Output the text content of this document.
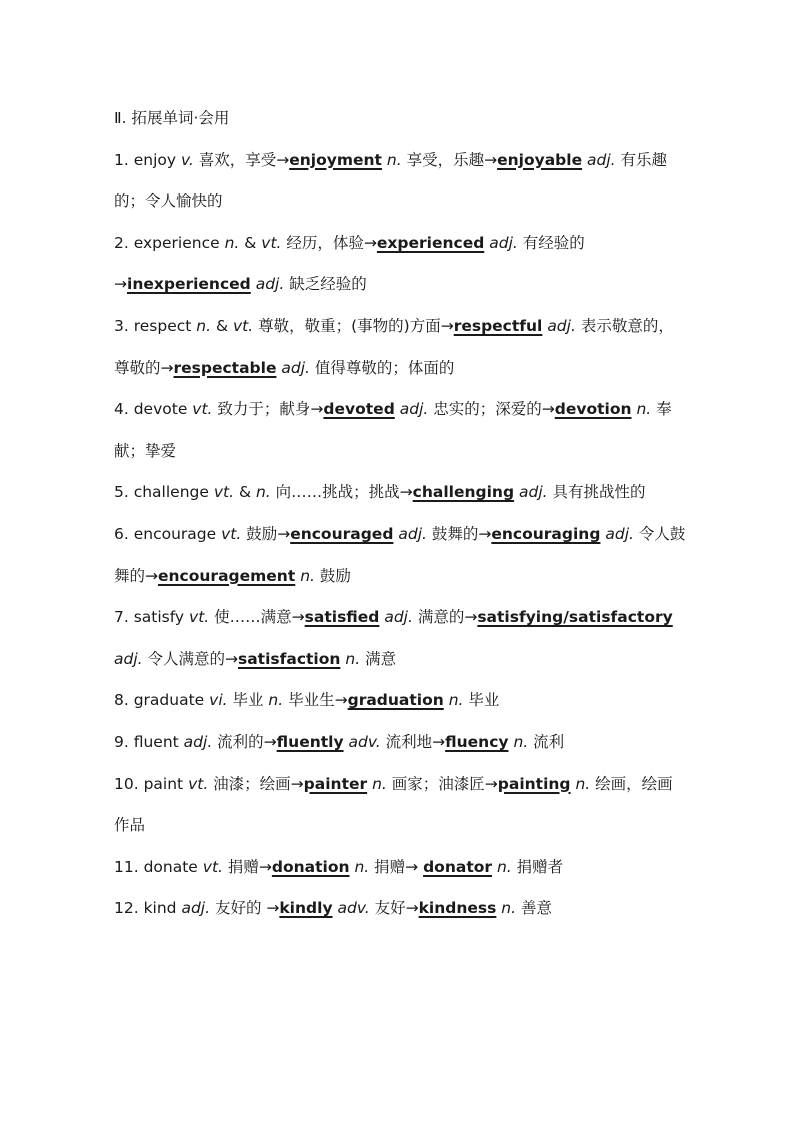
Ⅱ. 拓展单词·会用
1. enjoy v. 喜欢，享受→enjoyment n. 享受，乐趣→enjoyable adj. 有乐趣的；令人愉快的
2. experience n. & vt. 经历，体验→experienced adj. 有经验的 →inexperienced adj. 缺乏经验的
3. respect n. & vt. 尊敬，敬重；(事物的)方面→respectful adj. 表示敬意的，尊敬的→respectable adj. 值得尊敬的；体面的
4. devote vt. 致力于；献身→devoted adj. 忠实的；深爱的→devotion n. 奉献；挚爱
5. challenge vt. & n. 向……挑战；挑战→challenging adj. 具有挑战性的
6. encourage vt. 鼓励→encouraged adj. 鼓舞的→encouraging adj. 令人鼓舞的→encouragement n. 鼓励
7. satisfy vt. 使……满意→satisfied adj. 满意的→satisfying/satisfactory adj. 令人满意的→satisfaction n. 满意
8. graduate vi. 毕业 n. 毕业生→graduation n. 毕业
9. fluent adj. 流利的→fluently adv. 流利地→fluency n. 流利
10. paint vt. 油漆；绘画→painter n. 画家；油漆匠→painting n. 绘画，绘画作品
11. donate vt. 捐赠→donation n. 捐赠→ donator n. 捐赠者
12. kind adj. 友好的 →kindly adv. 友好→kindness n. 善意
